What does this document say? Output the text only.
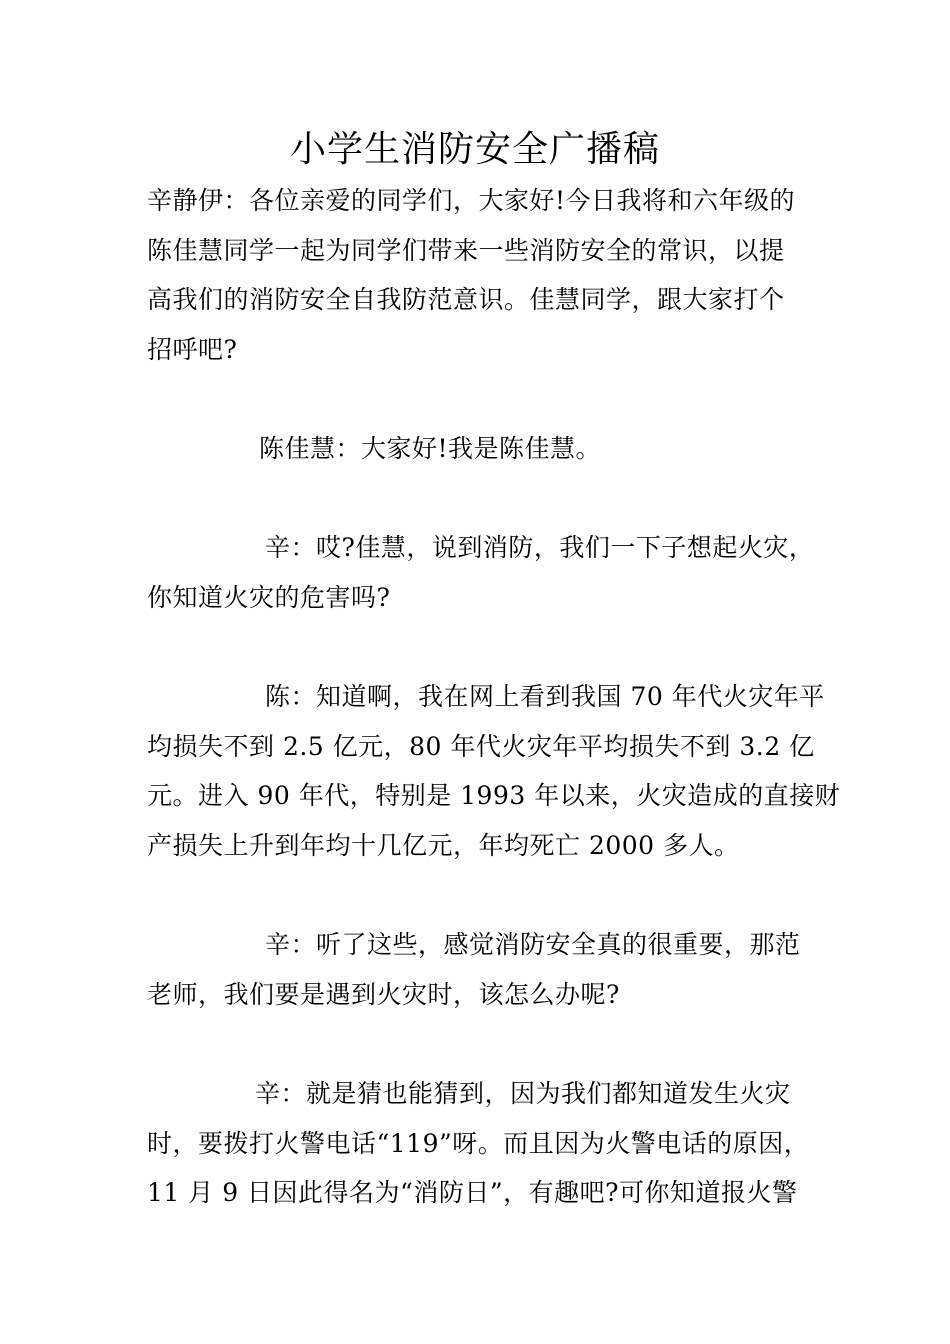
小学生消防安全广播稿
辛静伊：各位亲爱的同学们，大家好!今日我将和六年级的
陈佳慧同学一起为同学们带来一些消防安全的常识，以提
高我们的消防安全自我防范意识。佳慧同学，跟大家打个
招呼吧?
陈佳慧：大家好!我是陈佳慧。
辛：哎?佳慧，说到消防，我们一下子想起火灾，
你知道火灾的危害吗?
陈：知道啊，我在网上看到我国 70 年代火灾年平
均损失不到 2.5 亿元，80 年代火灾年平均损失不到 3.2 亿
元。进入 90 年代，特别是 1993 年以来，火灾造成的直接财
产损失上升到年均十几亿元，年均死亡 2000 多人。
辛：听了这些，感觉消防安全真的很重要，那范
老师，我们要是遇到火灾时，该怎么办呢?
辛：就是猜也能猜到，因为我们都知道发生火灾
时，要拨打火警电话“119”呀。而且因为火警电话的原因，
11 月 9 日因此得名为“消防日”，有趣吧?可你知道报火警
